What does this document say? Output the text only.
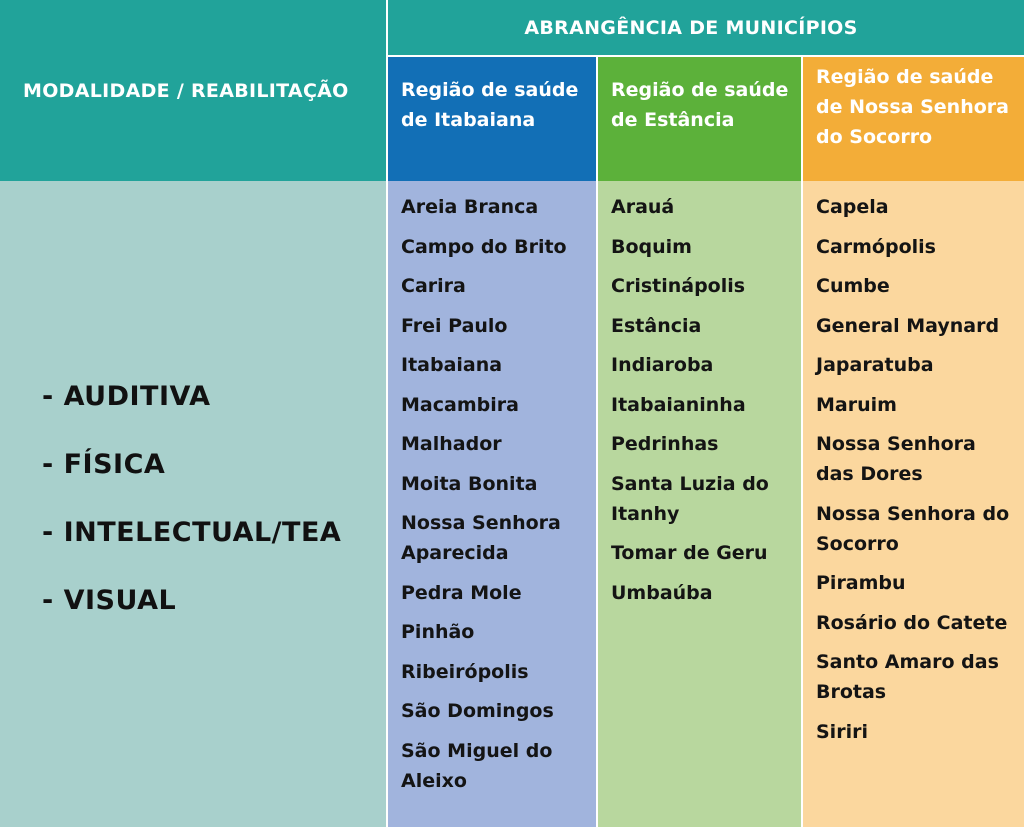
MODALIDADE / REABILITAÇÃO
ABRANGÊNCIA DE MUNICÍPIOS
Região de saúde de Itabaiana
Região de saúde de Estância
Região de saúde de Nossa Senhora do Socorro
- AUDITIVA
- FÍSICA
- INTELECTUAL/TEA
- VISUAL
Areia Branca
Campo do Brito
Carira
Frei Paulo
Itabaiana
Macambira
Malhador
Moita Bonita
Nossa Senhora Aparecida
Pedra Mole
Pinhão
Ribeirópolis
São Domingos
São Miguel do Aleixo
Arauá
Boquim
Cristinápolis
Estância
Indiaroba
Itabaianinha
Pedrinhas
Santa Luzia do Itanhy
Tomar de Geru
Umbaúba
Capela
Carmópolis
Cumbe
General Maynard
Japaratuba
Maruim
Nossa Senhora das Dores
Nossa Senhora do Socorro
Pirambu
Rosário do Catete
Santo Amaro das Brotas
Siriri
